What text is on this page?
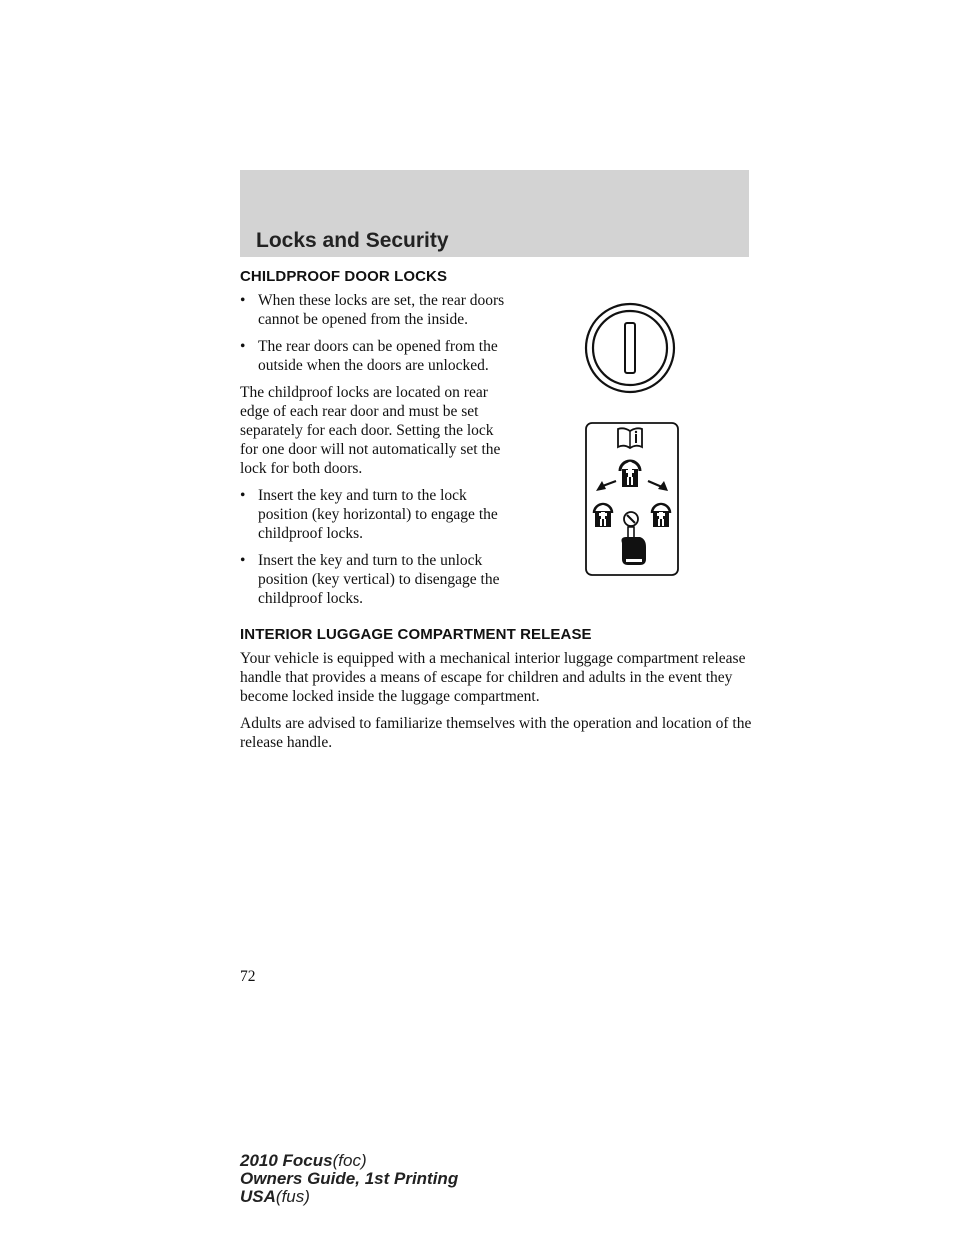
Locks and Security
CHILDPROOF DOOR LOCKS
• When these locks are set, the rear doors cannot be opened from the inside.
• The rear doors can be opened from the outside when the doors are unlocked.
The childproof locks are located on rear edge of each rear door and must be set separately for each door. Setting the lock for one door will not automatically set the lock for both doors.
• Insert the key and turn to the lock position (key horizontal) to engage the childproof locks.
• Insert the key and turn to the unlock position (key vertical) to disengage the childproof locks.
INTERIOR LUGGAGE COMPARTMENT RELEASE
Your vehicle is equipped with a mechanical interior luggage compartment release handle that provides a means of escape for children and adults in the event they become locked inside the luggage compartment.
Adults are advised to familiarize themselves with the operation and location of the release handle.
72
2010 Focus(foc)
Owners Guide, 1st Printing
USA(fus)
